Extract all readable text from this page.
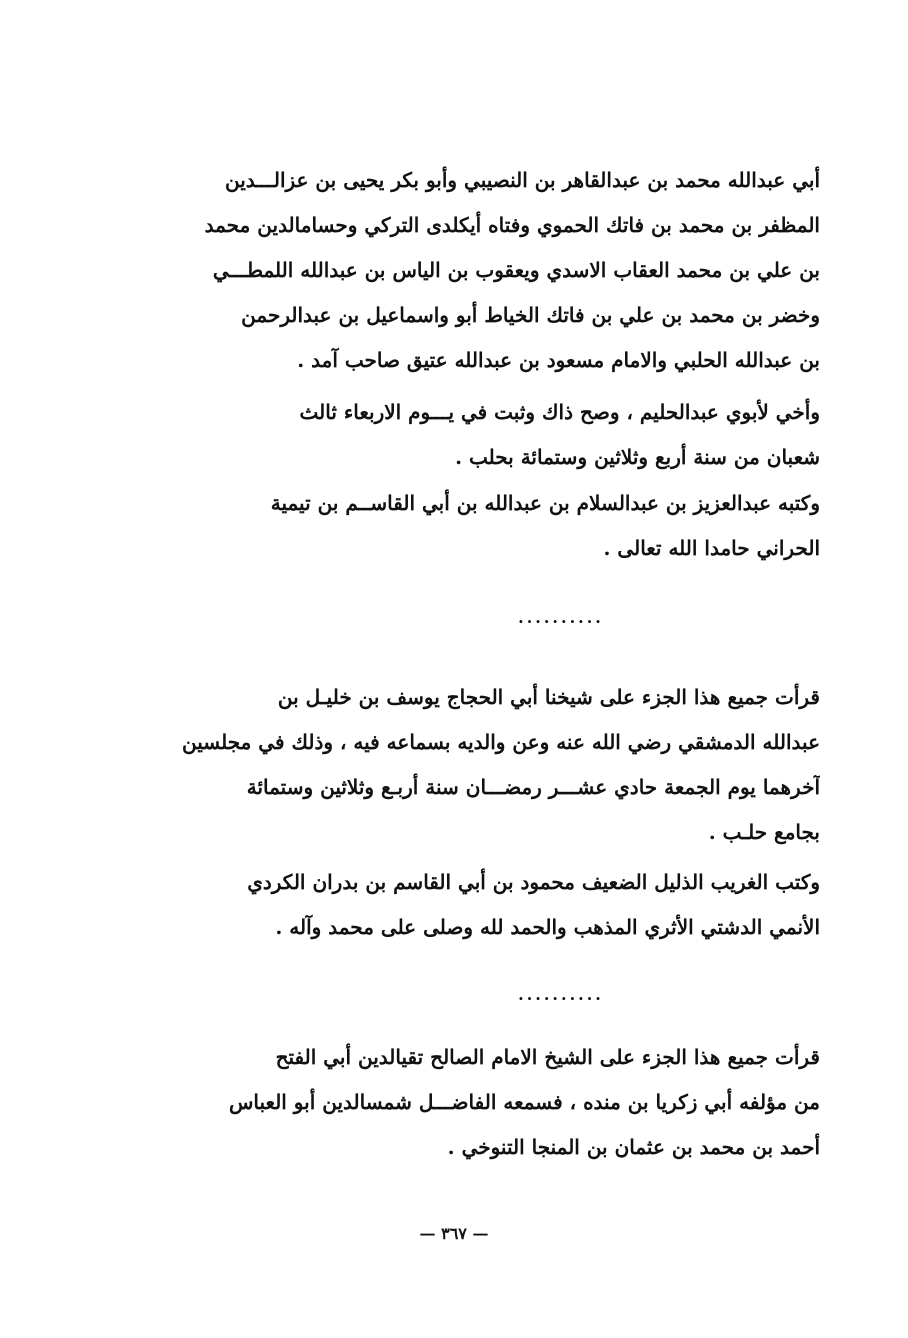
أبي عبدالله محمد بن عبدالقاهر بن النصيبي وأبو بكر يحيى بن عزالـــدين
المظفر بن محمد بن فاتك الحموي وفتاه أيكلدى التركي وحسامالدين محمد
بن علي بن محمد العقاب الاسدي ويعقوب بن الياس بن عبدالله اللمطـــي
وخضر بن محمد بن علي بن فاتك الخياط أبو واسماعيل بن عبدالرحمن
بن عبدالله الحلبي والامام مسعود بن عبدالله عتيق صاحب آمد .
وأخي لأبوي عبدالحليم ، وصح ذاك وثبت في يـــوم الاربعاء ثالث
شعبان من سنة أربع وثلاثين وستمائة بحلب .
وكتبه عبدالعزيز بن عبدالسلام بن عبدالله بن أبي القاســم بن تيمية
الحراني حامدا الله تعالى .
..........
قرأت جميع هذا الجزء على شيخنا أبي الحجاج يوسف بن خليـل بن
عبدالله الدمشقي رضي الله عنه وعن والديه بسماعه فيه ، وذلك في مجلسين
آخرهما يوم الجمعة حادي عشـــر رمضـــان سنة أربـع وثلاثين وستمائة
بجامع حلـب .
وكتب الغريب الذليل الضعيف محمود بن أبي القاسم بن بدران الكردي
الأنمي الدشتي الأثري المذهب والحمد لله وصلى على محمد وآله .
..........
قرأت جميع هذا الجزء على الشيخ الامام الصالح تقيالدين أبي الفتح
من مؤلفه أبي زكريا بن منده ، فسمعه الفاضـــل شمسالدين أبو العباس
أحمد بن محمد بن عثمان بن المنجا التنوخي .
— ٣٦٧ —
